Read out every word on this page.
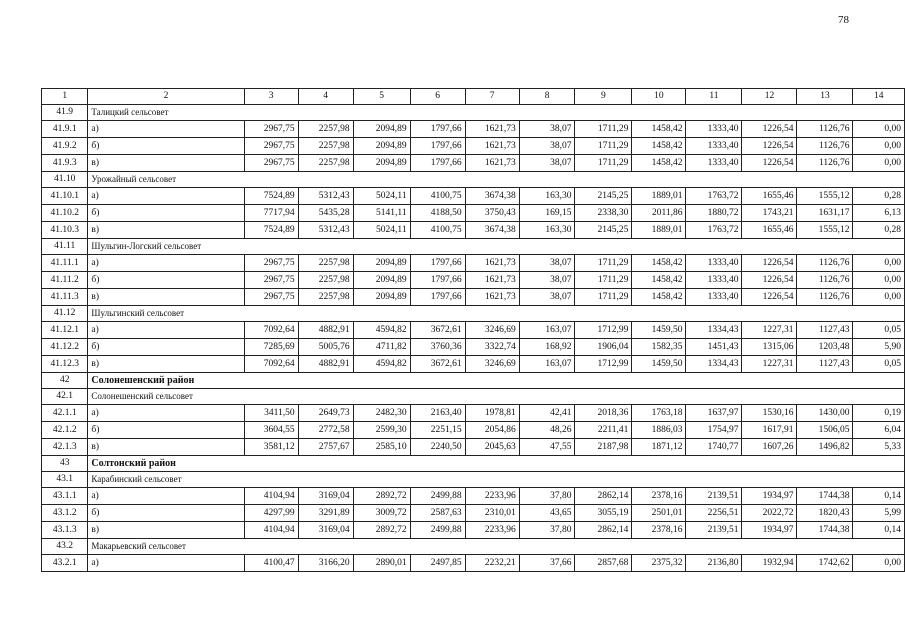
78
1	2	3	4	5	6	7	8	9	10	11	12	13	14
41.9	Талицкий сельсовет												
41.9.1	а)	2967,75	2257,98	2094,89	1797,66	1621,73	38,07	1711,29	1458,42	1333,40	1226,54	1126,76	0,00
41.9.2	б)	2967,75	2257,98	2094,89	1797,66	1621,73	38,07	1711,29	1458,42	1333,40	1226,54	1126,76	0,00
41.9.3	в)	2967,75	2257,98	2094,89	1797,66	1621,73	38,07	1711,29	1458,42	1333,40	1226,54	1126,76	0,00
41.10	Урожайный сельсовет												
41.10.1	а)	7524,89	5312,43	5024,11	4100,75	3674,38	163,30	2145,25	1889,01	1763,72	1655,46	1555,12	0,28
41.10.2	б)	7717,94	5435,28	5141,11	4188,50	3750,43	169,15	2338,30	2011,86	1880,72	1743,21	1631,17	6,13
41.10.3	в)	7524,89	5312,43	5024,11	4100,75	3674,38	163,30	2145,25	1889,01	1763,72	1655,46	1555,12	0,28
41.11	Шульгин-Логский сельсовет												
41.11.1	а)	2967,75	2257,98	2094,89	1797,66	1621,73	38,07	1711,29	1458,42	1333,40	1226,54	1126,76	0,00
41.11.2	б)	2967,75	2257,98	2094,89	1797,66	1621,73	38,07	1711,29	1458,42	1333,40	1226,54	1126,76	0,00
41.11.3	в)	2967,75	2257,98	2094,89	1797,66	1621,73	38,07	1711,29	1458,42	1333,40	1226,54	1126,76	0,00
41.12	Шульгинский сельсовет												
41.12.1	а)	7092,64	4882,91	4594,82	3672,61	3246,69	163,07	1712,99	1459,50	1334,43	1227,31	1127,43	0,05
41.12.2	б)	7285,69	5005,76	4711,82	3760,36	3322,74	168,92	1906,04	1582,35	1451,43	1315,06	1203,48	5,90
41.12.3	в)	7092,64	4882,91	4594,82	3672,61	3246,69	163,07	1712,99	1459,50	1334,43	1227,31	1127,43	0,05
42	Солонешенский район												
42.1	Солонешенский сельсовет												
42.1.1	а)	3411,50	2649,73	2482,30	2163,40	1978,81	42,41	2018,36	1763,18	1637,97	1530,16	1430,00	0,19
42.1.2	б)	3604,55	2772,58	2599,30	2251,15	2054,86	48,26	2211,41	1886,03	1754,97	1617,91	1506,05	6,04
42.1.3	в)	3581,12	2757,67	2585,10	2240,50	2045,63	47,55	2187,98	1871,12	1740,77	1607,26	1496,82	5,33
43	Солтонский район												
43.1	Карабинский сельсовет												
43.1.1	а)	4104,94	3169,04	2892,72	2499,88	2233,96	37,80	2862,14	2378,16	2139,51	1934,97	1744,38	0,14
43.1.2	б)	4297,99	3291,89	3009,72	2587,63	2310,01	43,65	3055,19	2501,01	2256,51	2022,72	1820,43	5,99
43.1.3	в)	4104,94	3169,04	2892,72	2499,88	2233,96	37,80	2862,14	2378,16	2139,51	1934,97	1744,38	0,14
43.2	Макарьевский сельсовет												
43.2.1	а)	4100,47	3166,20	2890,01	2497,85	2232,21	37,66	2857,68	2375,32	2136,80	1932,94	1742,62	0,00
